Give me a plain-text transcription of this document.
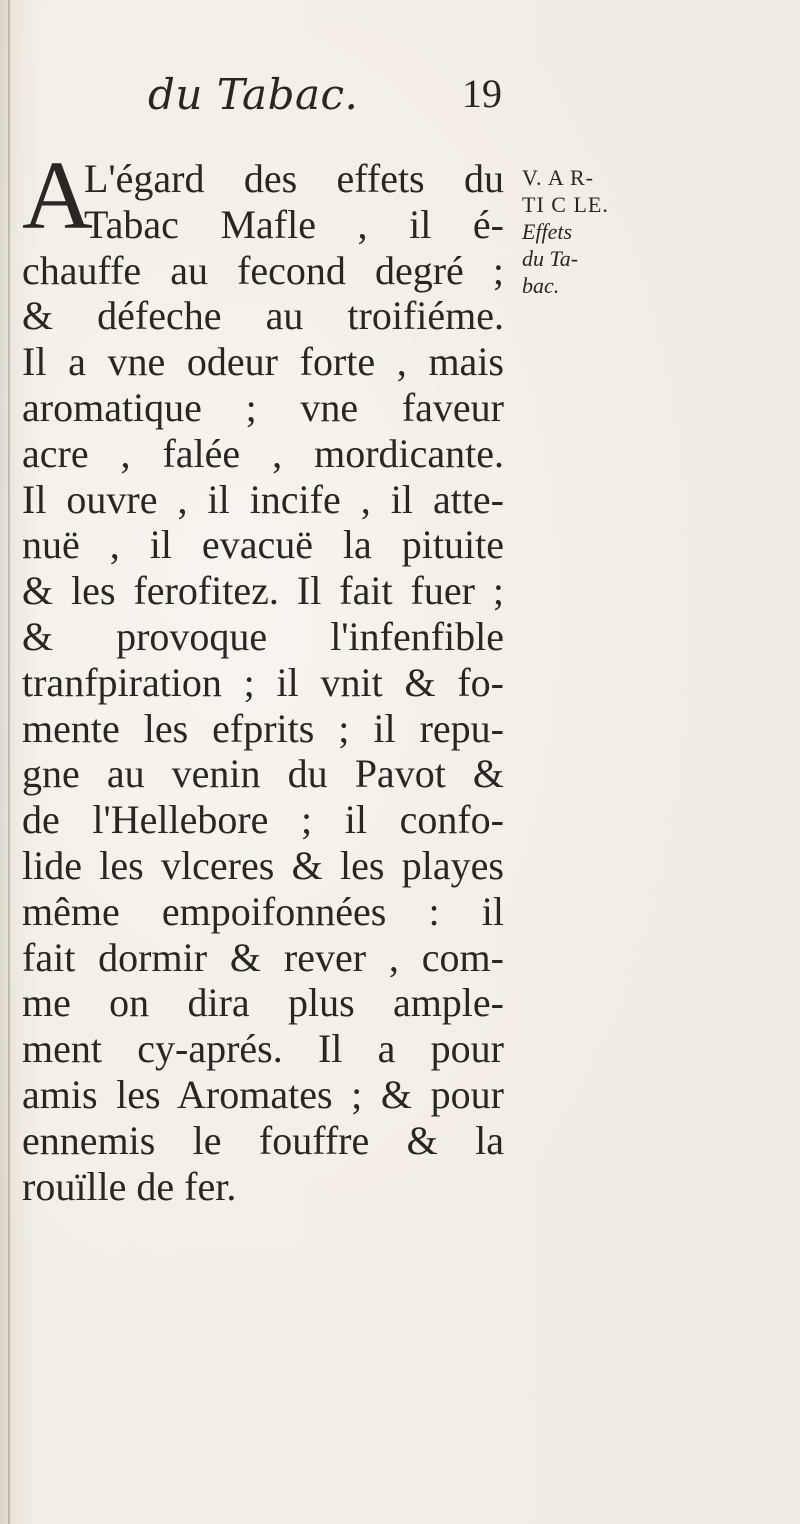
du Tabac.	19
A
L'égard des effets du
Tabac Mafle , il é-
chauffe au fecond degré ;
& défeche au troifiéme.
Il a vne odeur forte , mais
aromatique ; vne faveur
acre , falée , mordicante.
Il ouvre , il incife , il atte-
nuë , il evacuë la pituite
& les ferofitez. Il fait fuer ;
& provoque l'infenfible
tranfpiration ; il vnit & fo-
mente les efprits ; il repu-
gne au venin du Pavot &
de l'Hellebore ; il confo-
lide les vlceres & les playes
même empoifonnées : il
fait dormir & rever , com-
me on dira plus ample-
ment cy-aprés. Il a pour
amis les Aromates ; & pour
ennemis le fouffre & la
rouïlle de fer.
V. A R-
TI C LE.
Effets
du Ta-
bac.
